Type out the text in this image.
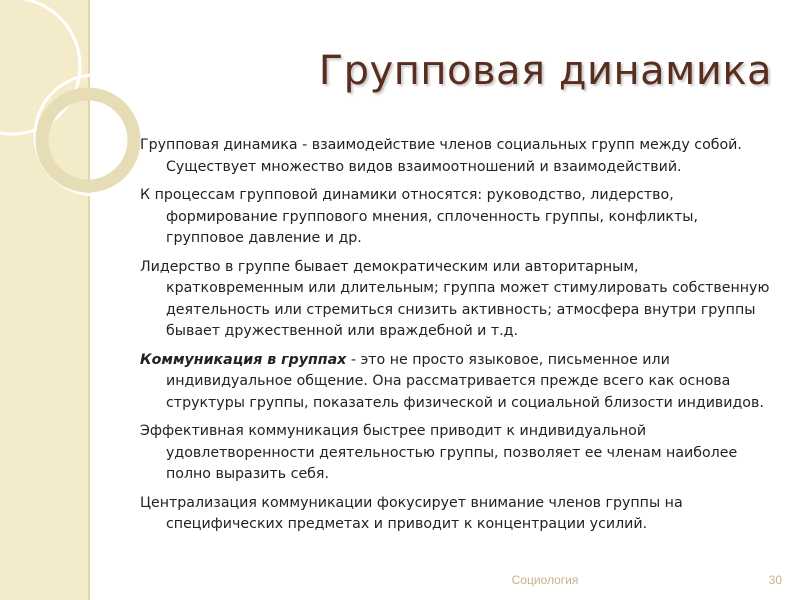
Групповая динамика

Групповая динамика - взаимодействие членов социальных групп между собой. Существует множество видов взаимоотношений и взаимодействий.

К процессам групповой динамики относятся: руководство, лидерство, формирование группового мнения, сплоченность группы, конфликты, групповое давление и др.

Лидерство в группе бывает демократическим или авторитарным, кратковременным или длительным; группа может стимулировать собственную деятельность или стремиться снизить активность; атмосфера внутри группы бывает дружественной или враждебной и т.д.

Коммуникация в группах - это не просто языковое, письменное или индивидуальное общение. Она рассматривается прежде всего как основа структуры группы, показатель физической и социальной близости индивидов.

Эффективная коммуникация быстрее приводит к индивидуальной удовлетворенности деятельностью группы, позволяет ее членам наиболее полно выразить себя.

Централизация коммуникации фокусирует внимание членов группы на специфических предметах и приводит к концентрации усилий.

Социология	30
